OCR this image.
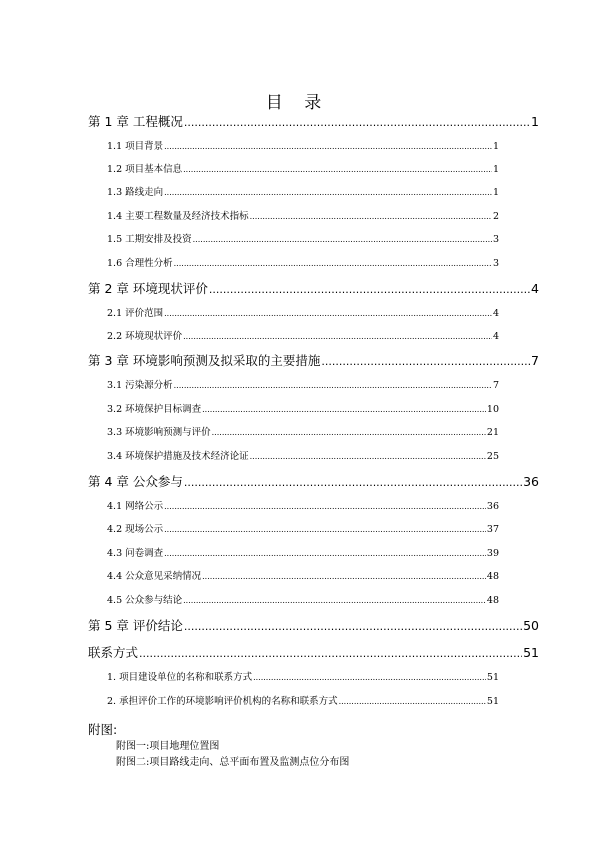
目 录
第 1 章 工程概况 .....	1
1.1 项目背景 .....	1
1.2 项目基本信息 .....	1
1.3 路线走向 .....	1
1.4 主要工程数量及经济技术指标 .....	2
1.5 工期安排及投资 .....	3
1.6 合理性分析 .....	3
第 2 章 环境现状评价 .....	4
2.1 评价范围 .....	4
2.2 环境现状评价 .....	4
第 3 章 环境影响预测及拟采取的主要措施 .....	7
3.1 污染源分析 .....	7
3.2 环境保护目标调查 .....	10
3.3 环境影响预测与评价 .....	21
3.4 环境保护措施及技术经济论证 .....	25
第 4 章 公众参与 .....	36
4.1 网络公示 .....	36
4.2 现场公示 .....	37
4.3 问卷调查 .....	39
4.4 公众意见采纳情况 .....	48
4.5 公众参与结论 .....	48
第 5 章 评价结论 .....	50
联系方式 .....	51
1. 项目建设单位的名称和联系方式 .....	51
2. 承担评价工作的环境影响评价机构的名称和联系方式 .....	51
附图:
附图一:项目地理位置图
附图二:项目路线走向、总平面布置及监测点位分布图
